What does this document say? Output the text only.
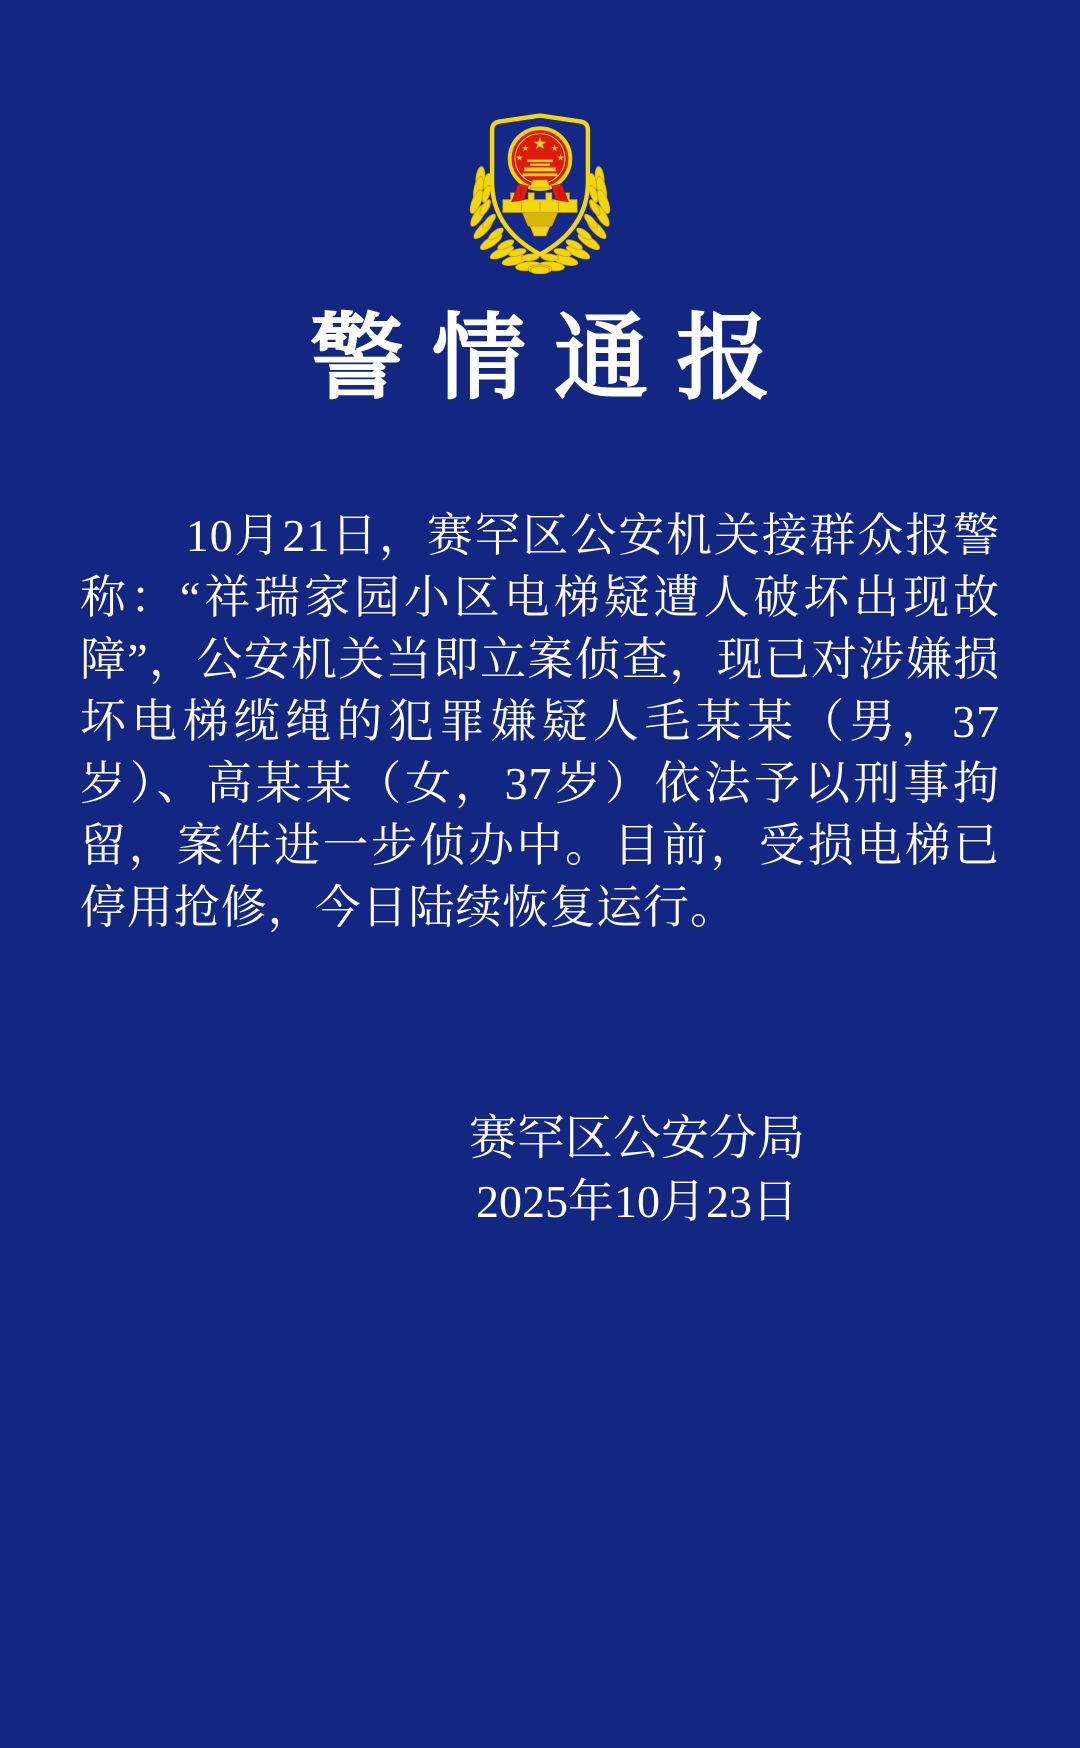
★
★
★
★
★
警情通报

10月21日，赛罕区公安机关接群众报警称：“祥瑞家园小区电梯疑遭人破坏出现故障”，公安机关当即立案侦查，现已对涉嫌损坏电梯缆绳的犯罪嫌疑人毛某某（男，37岁）、高某某（女，37岁）依法予以刑事拘留，案件进一步侦办中。目前，受损电梯已停用抢修，今日陆续恢复运行。

赛罕区公安分局
2025年10月23日
